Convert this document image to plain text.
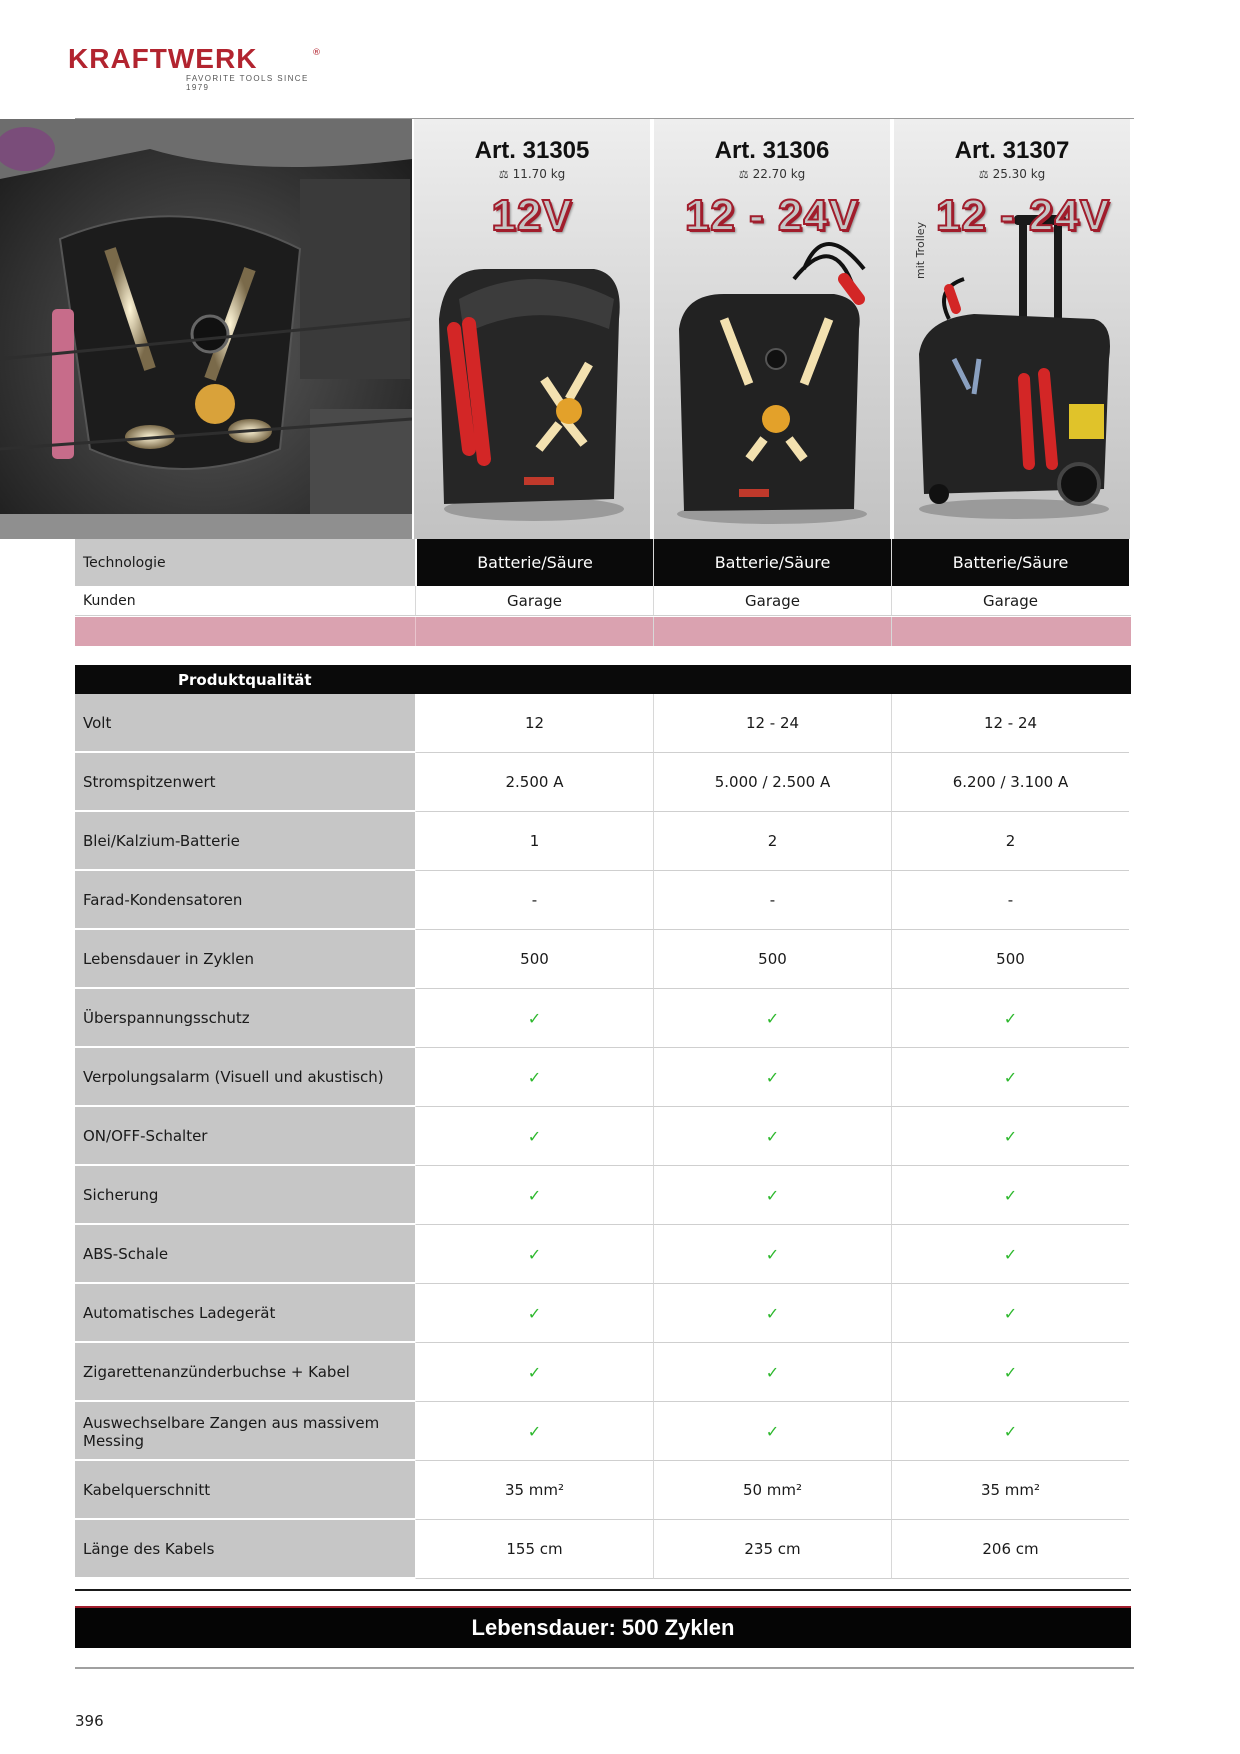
KRAFTWERK	®
FAVORITE TOOLS SINCE 1979
Art. 31305
⚖ 11.70 kg
12V
Art. 31306
⚖ 22.70 kg
12 - 24V
Art. 31307
⚖ 25.30 kg
12 - 24V
mit Trolley
Technologie	Batterie/Säure	Batterie/Säure	Batterie/Säure
Kunden	Garage	Garage	Garage
Produktqualität
Volt	12	12 - 24	12 - 24
Stromspitzenwert	2.500 A	5.000 / 2.500 A	6.200 / 3.100 A
Blei/Kalzium-Batterie	1	2	2
Farad-Kondensatoren	-	-	-
Lebensdauer in Zyklen	500	500	500
Überspannungsschutz	✓	✓	✓
Verpolungsalarm (Visuell und akustisch)	✓	✓	✓
ON/OFF-Schalter	✓	✓	✓
Sicherung	✓	✓	✓
ABS-Schale	✓	✓	✓
Automatisches Ladegerät	✓	✓	✓
Zigarettenanzünderbuchse + Kabel	✓	✓	✓
Auswechselbare Zangen aus massivem Messing	✓	✓	✓
Kabelquerschnitt	35 mm²	50 mm²	35 mm²
Länge des Kabels	155 cm	235 cm	206 cm
Lebensdauer: 500 Zyklen
396
